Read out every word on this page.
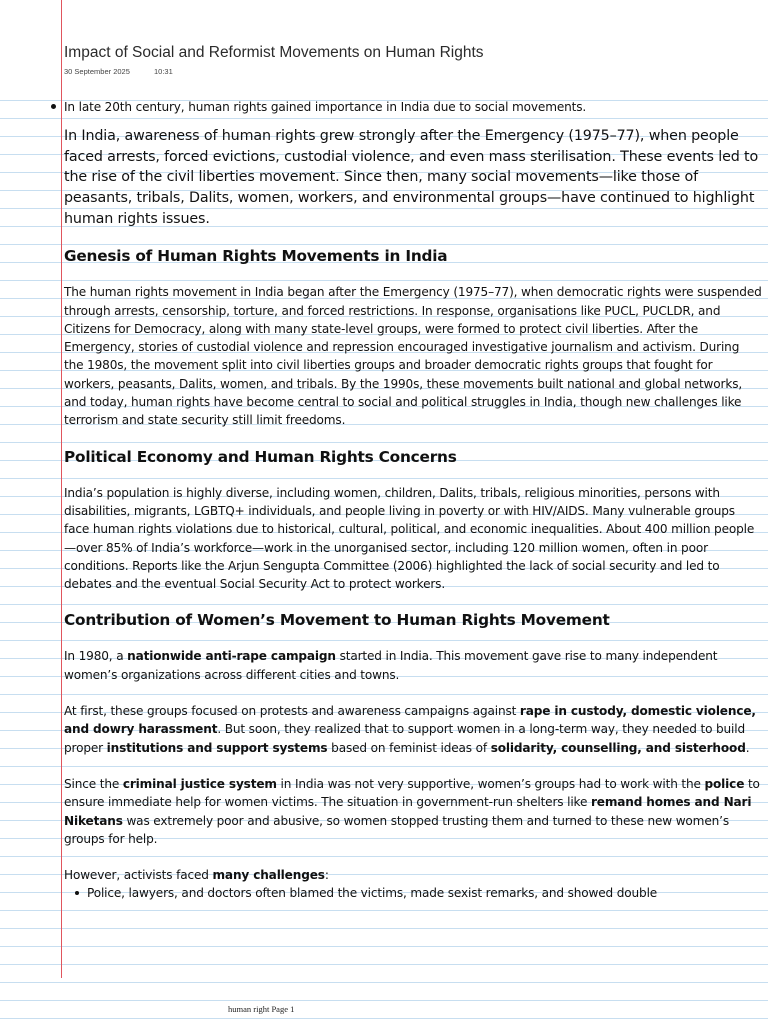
Impact of Social and Reformist Movements on Human Rights
30 September 2025	10:31

In late 20th century, human rights gained importance in India due to social movements.

In India, awareness of human rights grew strongly after the Emergency (1975–77), when people faced arrests, forced evictions, custodial violence, and even mass sterilisation. These events led to the rise of the civil liberties movement. Since then, many social movements—like those of peasants, tribals, Dalits, women, workers, and environmental groups—have continued to highlight human rights issues.

Genesis of Human Rights Movements in India

The human rights movement in India began after the Emergency (1975–77), when democratic rights were suspended through arrests, censorship, torture, and forced restrictions. In response, organisations like PUCL, PUCLDR, and Citizens for Democracy, along with many state-level groups, were formed to protect civil liberties. After the Emergency, stories of custodial violence and repression encouraged investigative journalism and activism. During the 1980s, the movement split into civil liberties groups and broader democratic rights groups that fought for workers, peasants, Dalits, women, and tribals. By the 1990s, these movements built national and global networks, and today, human rights have become central to social and political struggles in India, though new challenges like terrorism and state security still limit freedoms.

Political Economy and Human Rights Concerns

India’s population is highly diverse, including women, children, Dalits, tribals, religious minorities, persons with disabilities, migrants, LGBTQ+ individuals, and people living in poverty or with HIV/AIDS. Many vulnerable groups face human rights violations due to historical, cultural, political, and economic inequalities. About 400 million people—over 85% of India’s workforce—work in the unorganised sector, including 120 million women, often in poor conditions. Reports like the Arjun Sengupta Committee (2006) highlighted the lack of social security and led to debates and the eventual Social Security Act to protect workers.

Contribution of Women’s Movement to Human Rights Movement

In 1980, a nationwide anti-rape campaign started in India. This movement gave rise to many independent women’s organizations across different cities and towns.

At first, these groups focused on protests and awareness campaigns against rape in custody, domestic violence, and dowry harassment. But soon, they realized that to support women in a long-term way, they needed to build proper institutions and support systems based on feminist ideas of solidarity, counselling, and sisterhood.

Since the criminal justice system in India was not very supportive, women’s groups had to work with the police to ensure immediate help for women victims. The situation in government-run shelters like remand homes and Nari Niketans was extremely poor and abusive, so women stopped trusting them and turned to these new women’s groups for help.

However, activists faced many challenges:

Police, lawyers, and doctors often blamed the victims, made sexist remarks, and showed double
human right Page 1
